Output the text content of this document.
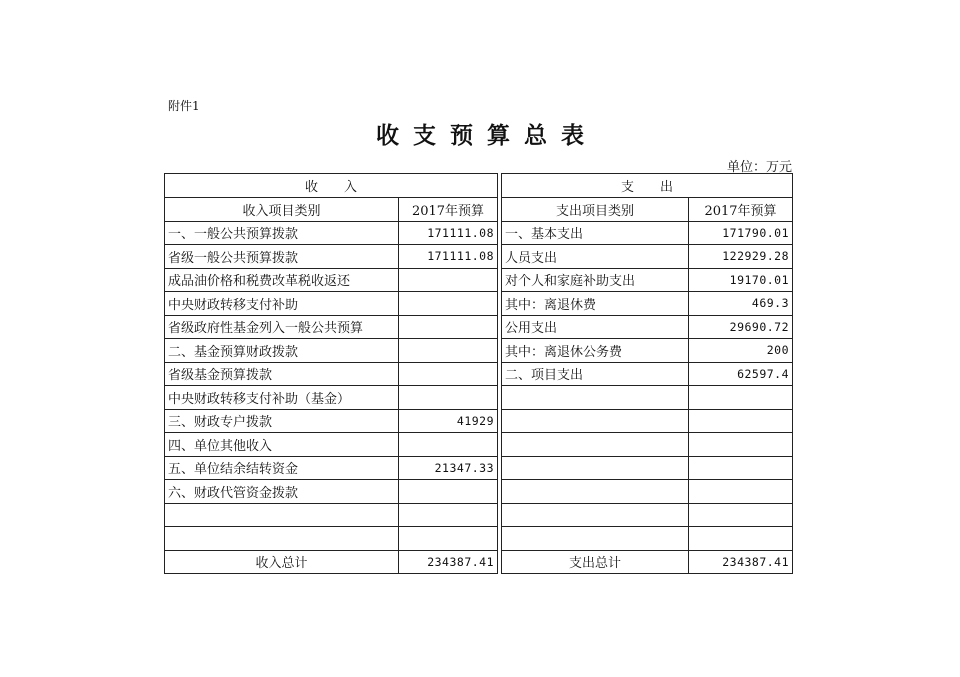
附件1
收支预算总表
单位：万元
收　　入			支　　出	
收入项目类别	2017年预算		支出项目类别	2017年预算
一、一般公共预算拨款	171111.08		一、基本支出	171790.01
省级一般公共预算拨款	171111.08		人员支出	122929.28
成品油价格和税费改革税收返还			对个人和家庭补助支出	19170.01
中央财政转移支付补助			其中：离退休费	469.3
省级政府性基金列入一般公共预算			公用支出	29690.72
二、基金预算财政拨款			其中：离退休公务费	200
省级基金预算拨款			二、项目支出	62597.4
中央财政转移支付补助（基金）				
三、财政专户拨款	41929			
四、单位其他收入				
五、单位结余结转资金	21347.33			
六、财政代管资金拨款				

收入总计	234387.41		支出总计	234387.41
